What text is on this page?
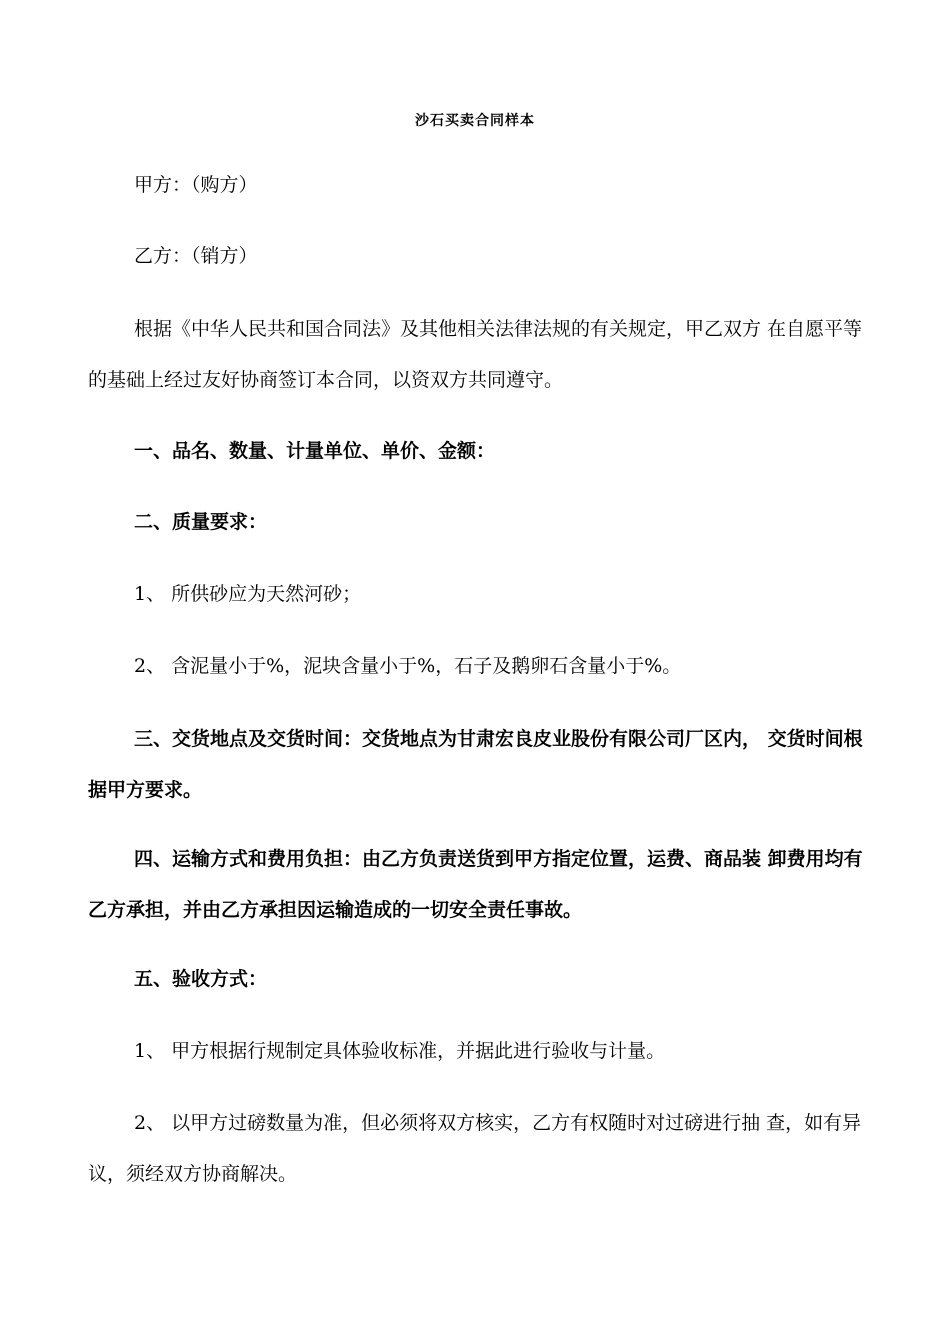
沙石买卖合同样本

甲方：（购方）

乙方：（销方）

根据《中华人民共和国合同法》及其他相关法律法规的有关规定，甲乙双方 在自愿平等的基础上经过友好协商签订本合同，以资双方共同遵守。

一、品名、数量、计量单位、单价、金额：

二、质量要求：

1、 所供砂应为天然河砂；

2、 含泥量小于%，泥块含量小于%，石子及鹅卵石含量小于%。

三、交货地点及交货时间：交货地点为甘肃宏良皮业股份有限公司厂区内， 交货时间根据甲方要求。

四、运输方式和费用负担：由乙方负责送货到甲方指定位置，运费、商品装 卸费用均有乙方承担，并由乙方承担因运输造成的一切安全责任事故。

五、验收方式：

1、 甲方根据行规制定具体验收标准，并据此进行验收与计量。

2、 以甲方过磅数量为准，但必须将双方核实，乙方有权随时对过磅进行抽 查，如有异议，须经双方协商解决。
